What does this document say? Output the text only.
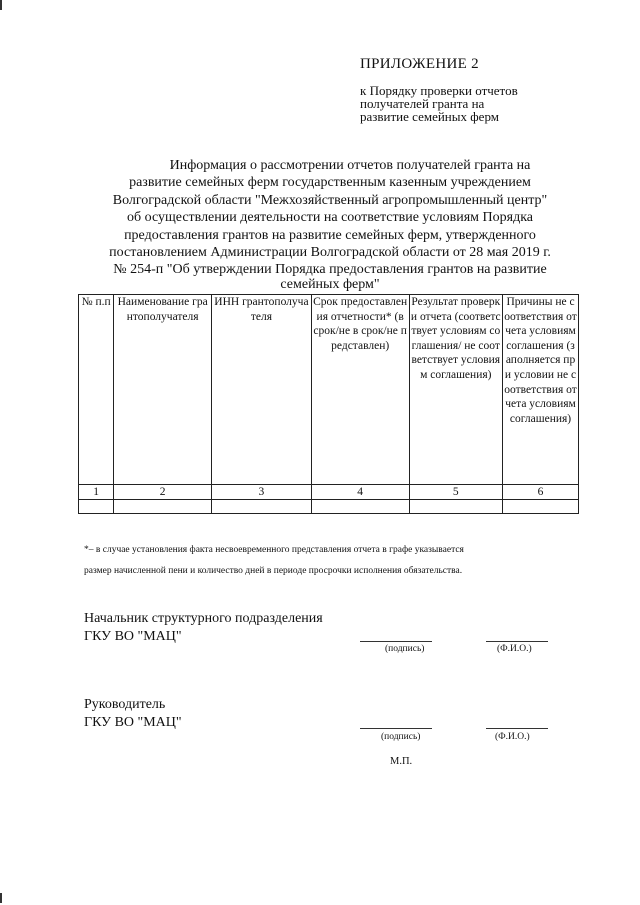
ПРИЛОЖЕНИЕ 2
к Порядку проверки отчетов
получателей гранта на
развитие семейных ферм
Информация о рассмотрении отчетов получателей гранта на
развитие семейных ферм государственным казенным учреждением
Волгоградской области "Межхозяйственный агропромышленный центр"
об осуществлении деятельности на соответствие условиям Порядка
предоставления грантов на развитие семейных ферм, утвержденного
постановлением Администрации Волгоградской области от 28 мая 2019 г.
№ 254-п "Об утверждении Порядка предоставления грантов на развитие
семейных ферм"
№ п.п	Наименование грантополучателя	ИНН грантополучателя	Срок предоставления отчетности* (в срок/не в срок/не представлен)	Результат проверки отчета (соответствует условиям соглашения/ не соответствует условиям соглашения)	Причины не соответствия отчета условиям соглашения (заполняется при условии не соответствия отчета условиям соглашения)
1	2	3	4	5	6

*– в случае установления факта несвоевременного представления отчета в графе указывается
размер начисленной пени и количество дней в периоде просрочки исполнения обязательства.
Начальник структурного подразделения
ГКУ ВО "МАЦ"
(подпись)	(Ф.И.О.)
Руководитель
ГКУ ВО "МАЦ"
(подпись)	(Ф.И.О.)
М.П.
